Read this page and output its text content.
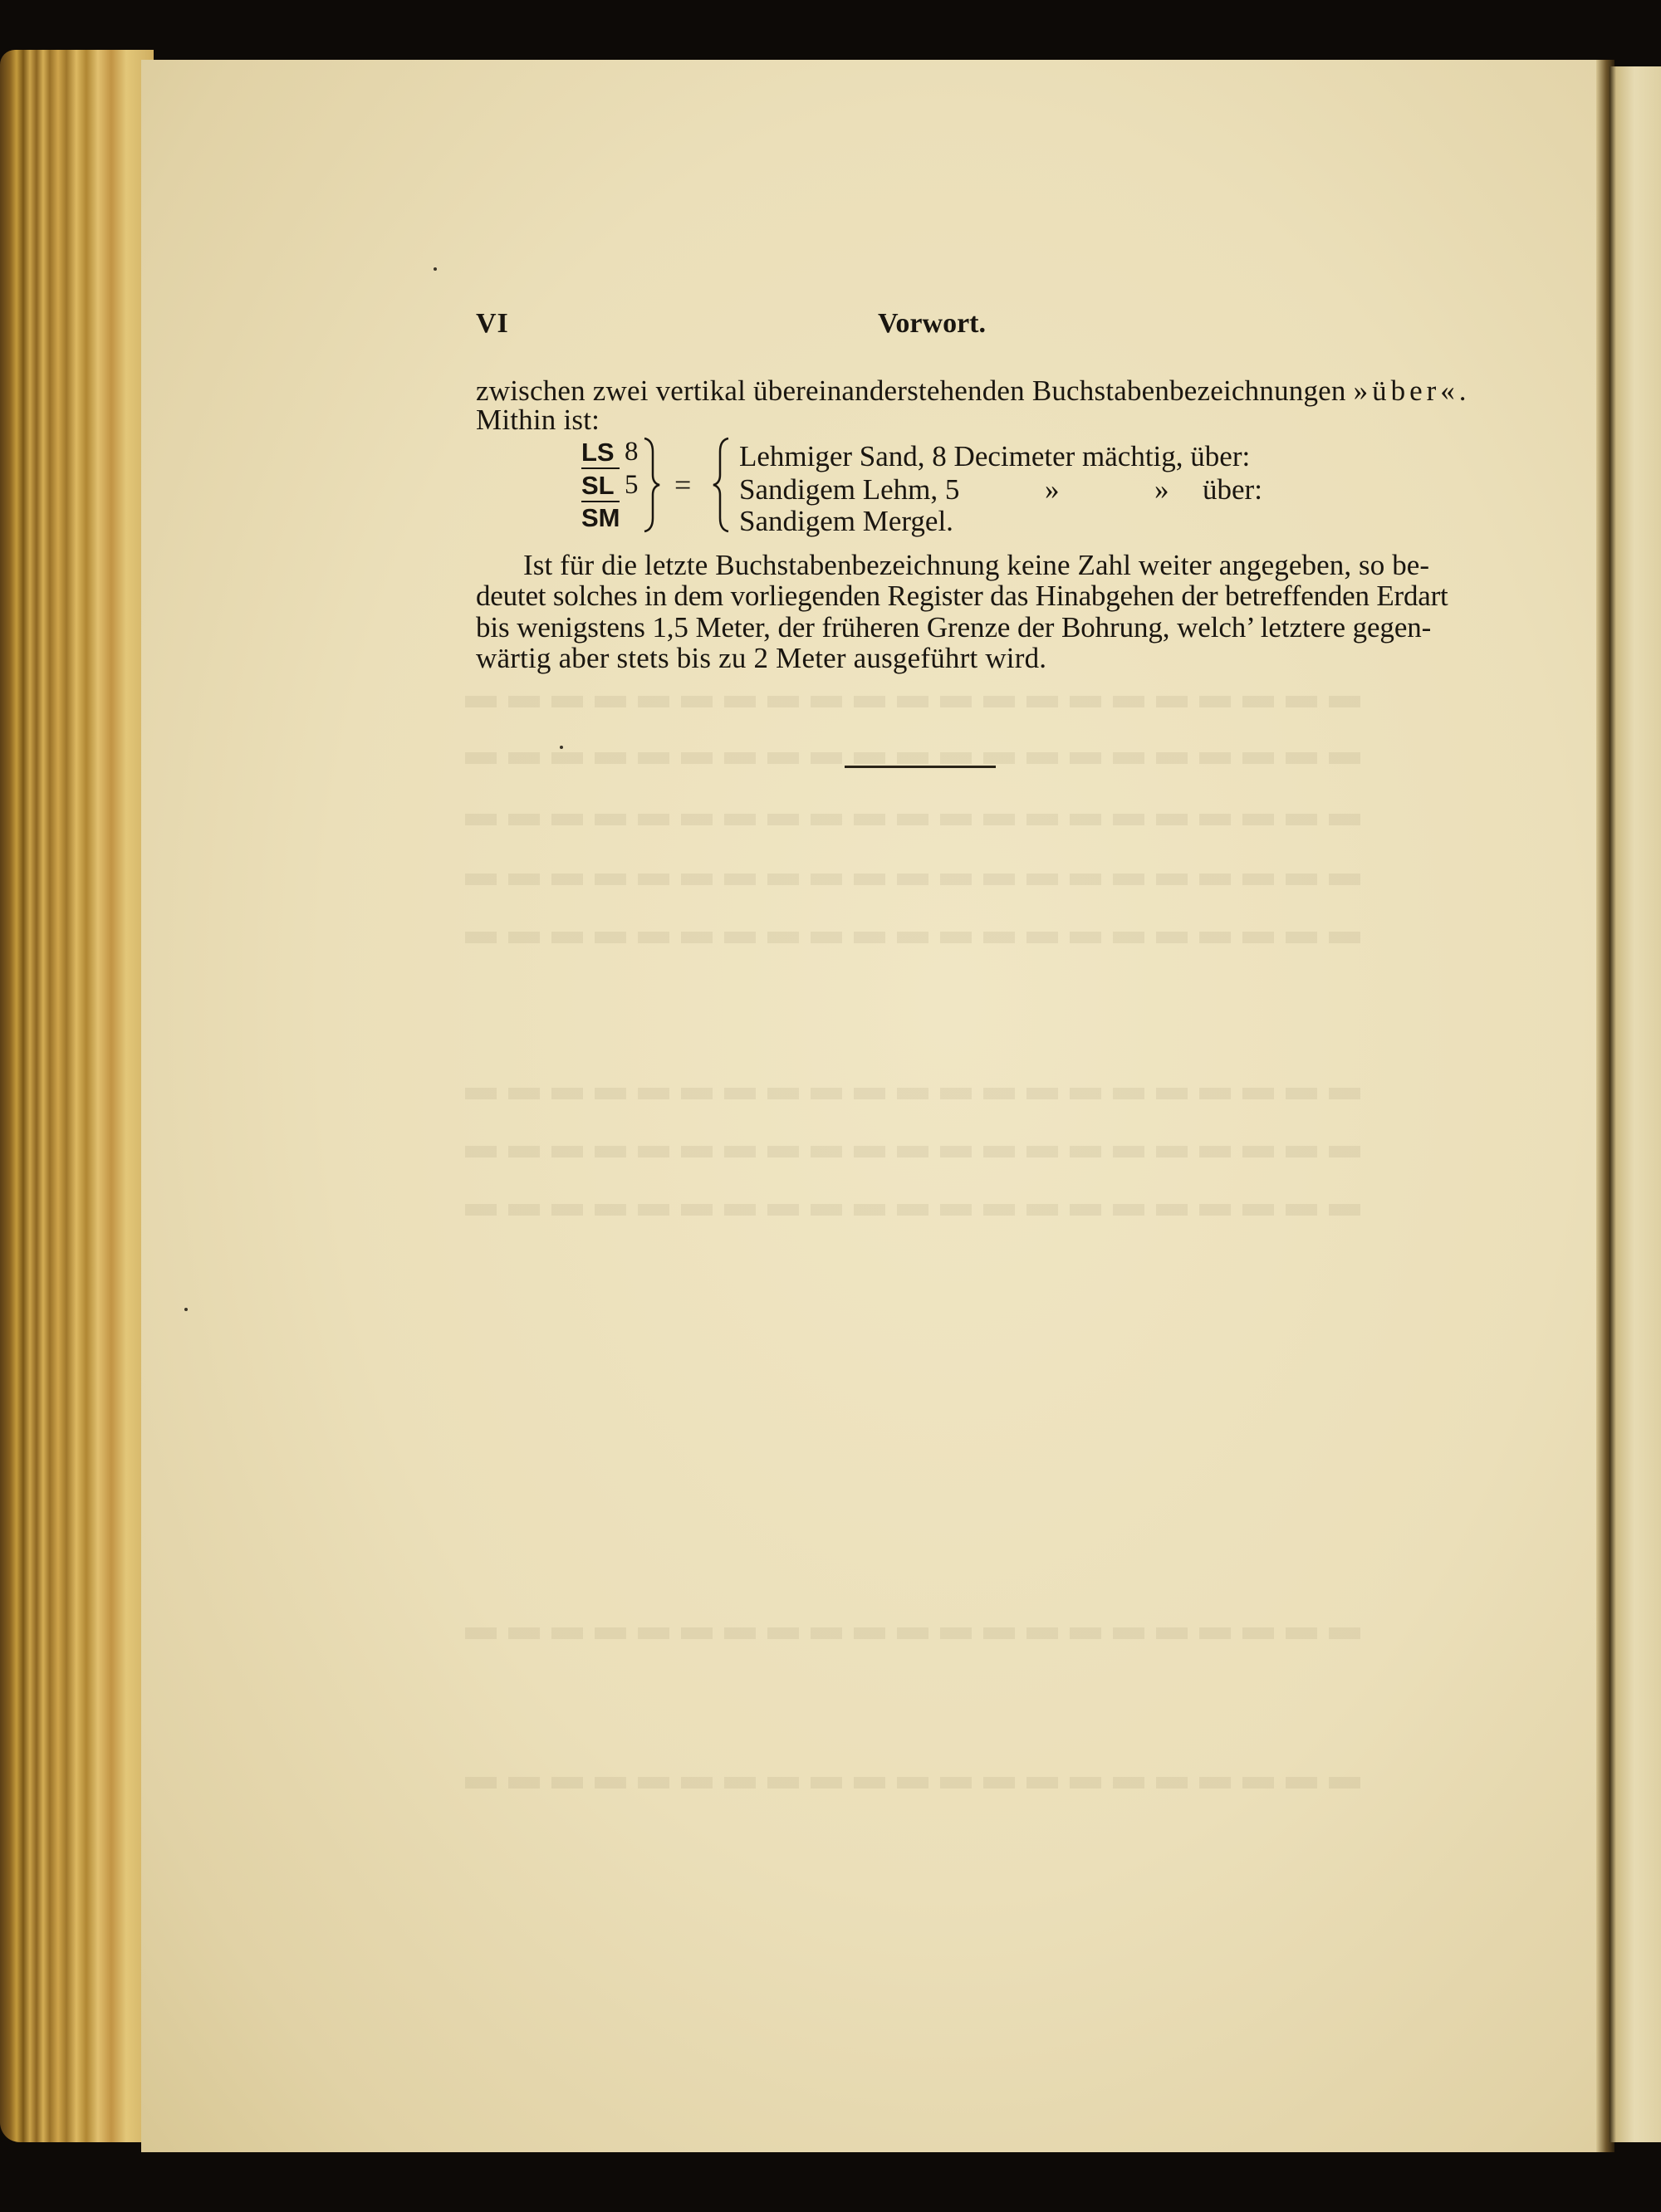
VI	Vorwort.
zwischen zwei vertikal übereinanderstehenden Buchstabenbezeichnungen »über«.
Mithin ist:
LS 8
SL 5
SM
=
Lehmiger Sand, 8 Decimeter mächtig, über:
Sandigem Lehm, 5	»	» über:
Sandigem Mergel.
Ist für die letzte Buchstabenbezeichnung keine Zahl weiter angegeben, so be-
deutet solches in dem vorliegenden Register das Hinabgehen der betreffenden Erdart
bis wenigstens 1,5 Meter, der früheren Grenze der Bohrung, welch’ letztere gegen-
wärtig aber stets bis zu 2 Meter ausgeführt wird.
